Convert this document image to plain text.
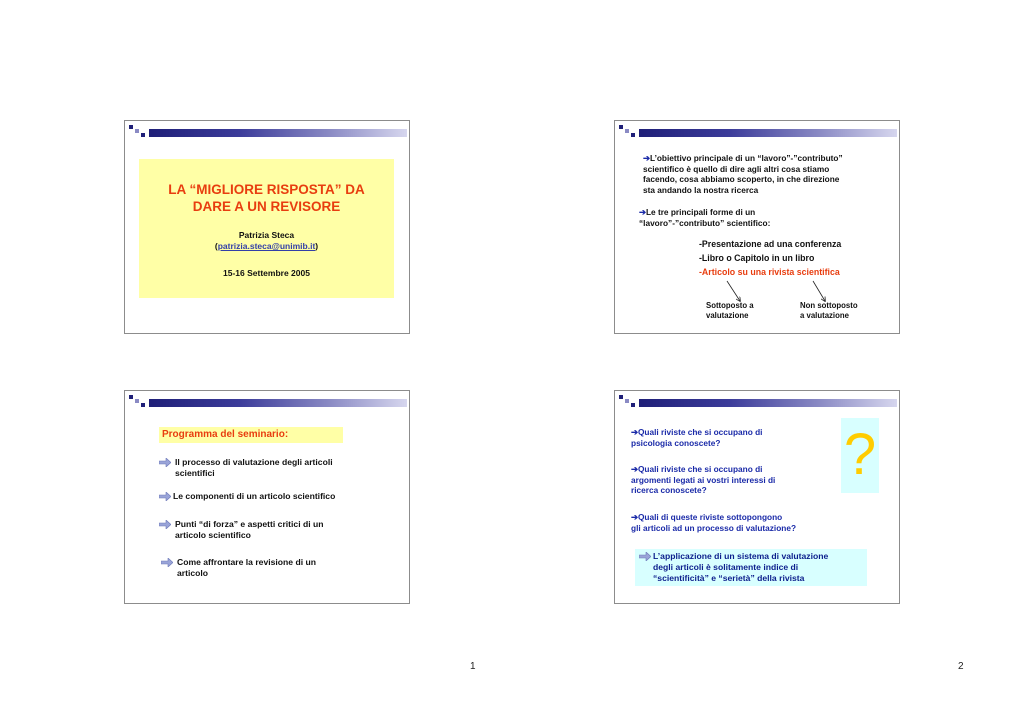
LA “MIGLIORE RISPOSTA” DA
DARE A UN REVISORE
Patrizia Steca
(patrizia.steca@unimib.it)
15-16 Settembre 2005
➔L’obiettivo principale di un “lavoro”-”contributo”
scientifico è quello di dire agli altri cosa stiamo
facendo, cosa abbiamo scoperto, in che direzione
sta andando la nostra ricerca
➔Le tre principali forme di un
“lavoro”-”contributo” scientifico:
-Presentazione ad una conferenza
-Libro o Capitolo in un libro
-Articolo su una rivista scientifica
Sottoposto a
valutazione
Non sottoposto
a valutazione
Programma del seminario:
Il processo di valutazione degli articoli
scientifici
Le componenti di un articolo scientifico
Punti “di forza” e aspetti critici di un
articolo scientifico
Come affrontare la revisione di un
articolo
➔Quali riviste che si occupano di
psicologia conoscete?
➔Quali riviste che si occupano di
argomenti legati ai vostri interessi di
ricerca conoscete?
➔Quali di queste riviste sottopongono
gli articoli ad un processo di valutazione?
?
L’applicazione di un sistema di valutazione
degli articoli è solitamente indice di
“scientificità” e “serietà” della rivista
1	2
